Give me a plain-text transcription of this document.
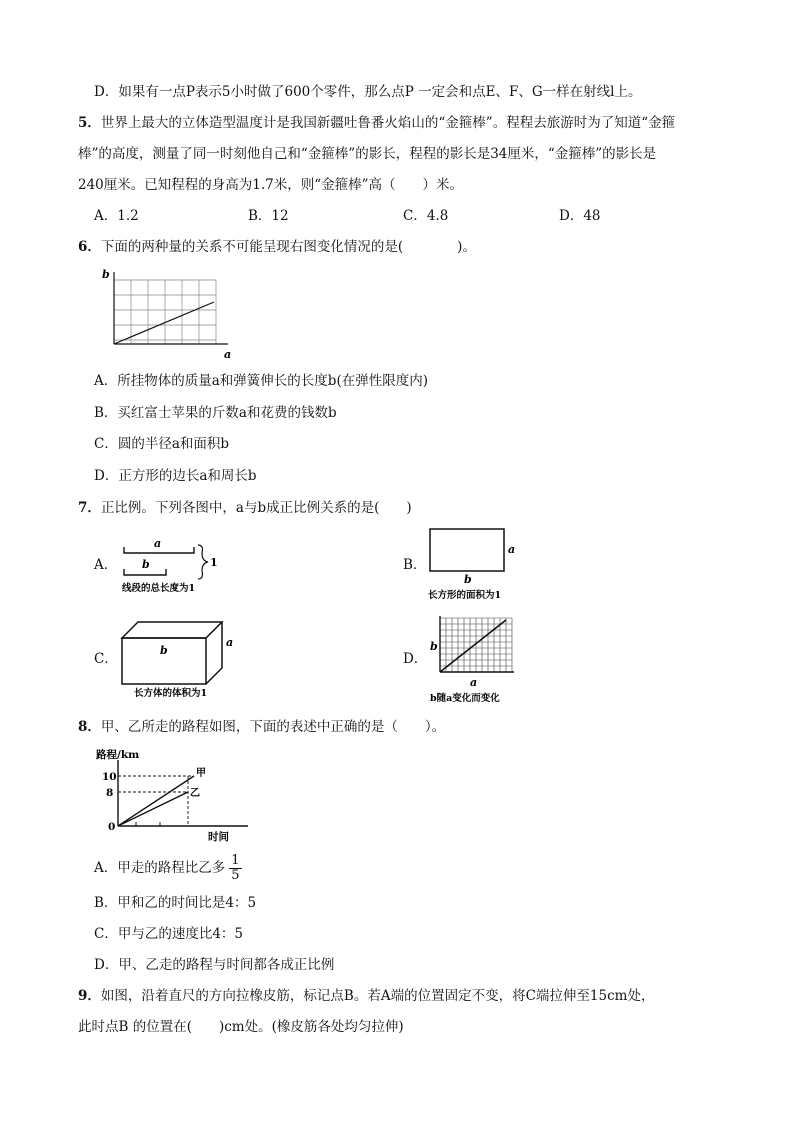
D．如果有一点P表示5小时做了600个零件，那么点P 一定会和点E、F、G一样在射线l上。
5．世界上最大的立体造型温度计是我国新疆吐鲁番火焰山的“金箍棒”。程程去旅游时为了知道“金箍
棒”的高度，测量了同一时刻他自己和“金箍棒”的影长，程程的影长是34厘米，“金箍棒”的影长是
240厘米。已知程程的身高为1.7米，则“金箍棒”高（　　）米。
A．1.2	B．12	C．4.8	D．48
6．下面的两种量的关系不可能呈现右图变化情况的是(　　　　)。
b
a
A．所挂物体的质量a和弹簧伸长的长度b(在弹性限度内)
B．买红富士苹果的斤数a和花费的钱数b
C．圆的半径a和面积b
D．正方形的边长a和周长b
7．正比例。下列各图中，a与b成正比例关系的是(　　)
A．
a
b	1
线段的总长度为1
B．
a
b
长方形的面积为1
C．
a
b
长方体的体积为1
D．
b
a
b随a变化而变化
8．甲、乙所走的路程如图，下面的表述中正确的是（　　）。
路程/km
10
8
0
甲
乙
时间
A．甲走的路程比乙多 $\frac{1}{5}$
B．甲和乙的时间比是4：5
C．甲与乙的速度比4：5
D．甲、乙走的路程与时间都各成正比例
9．如图，沿着直尺的方向拉橡皮筋，标记点B。若A端的位置固定不变，将C端拉伸至15cm处，
此时点B 的位置在(　　)cm处。(橡皮筋各处均匀拉伸)
